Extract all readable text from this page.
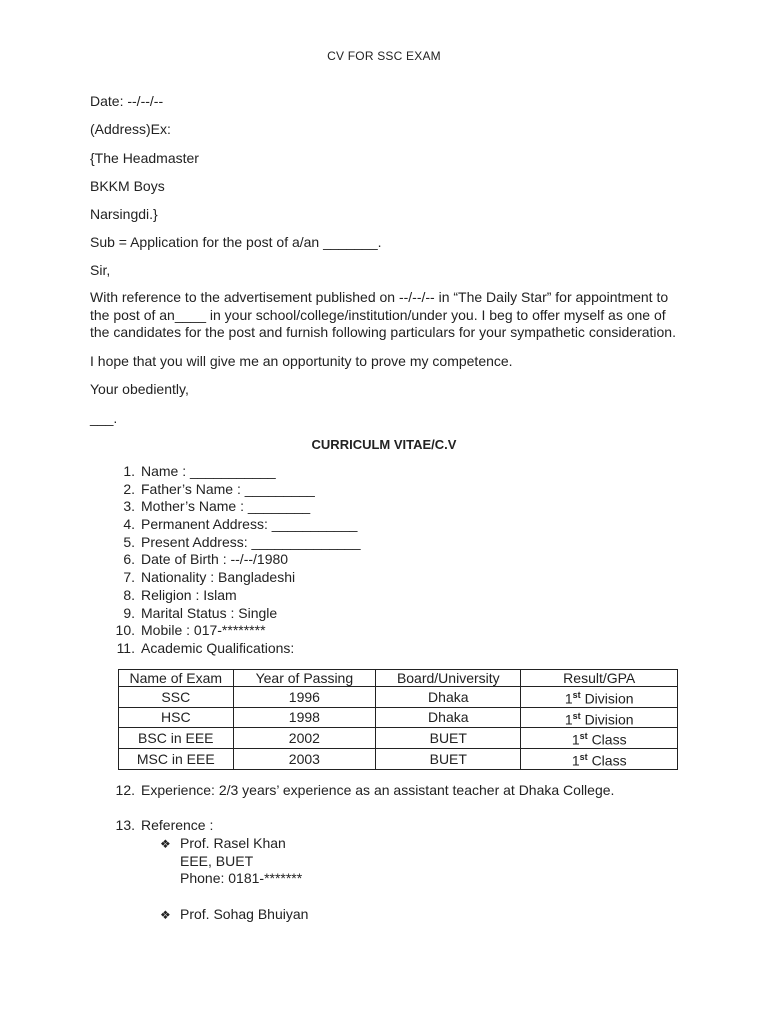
CV FOR SSC EXAM
Date: --/--/--
(Address)Ex:
{The Headmaster
BKKM Boys
Narsingdi.}
Sub = Application for the post of a/an _______.
Sir,
With reference to the advertisement published on --/--/-- in “The Daily Star” for appointment to the post of an____ in your school/college/institution/under you. I beg to offer myself as one of the candidates for the post and furnish following particulars for your sympathetic consideration.
I hope that you will give me an opportunity to prove my competence.
Your obediently,
___.
CURRICULM VITAE/C.V
1. Name : ___________
2. Father’s Name : _________
3. Mother’s Name : ________
4. Permanent Address: ___________
5. Present Address: ______________
6. Date of Birth : --/--/1980
7. Nationality : Bangladeshi
8. Religion : Islam
9. Marital Status : Single
10. Mobile : 017-********
11. Academic Qualifications:
Name of Exam	Year of Passing	Board/University	Result/GPA
SSC	1996	Dhaka	1st Division
HSC	1998	Dhaka	1st Division
BSC in EEE	2002	BUET	1st Class
MSC in EEE	2003	BUET	1st Class
12. Experience: 2/3 years’ experience as an assistant teacher at Dhaka College.
13. Reference :
❖ Prof. Rasel Khan
EEE, BUET
Phone: 0181-*******
❖ Prof. Sohag Bhuiyan
